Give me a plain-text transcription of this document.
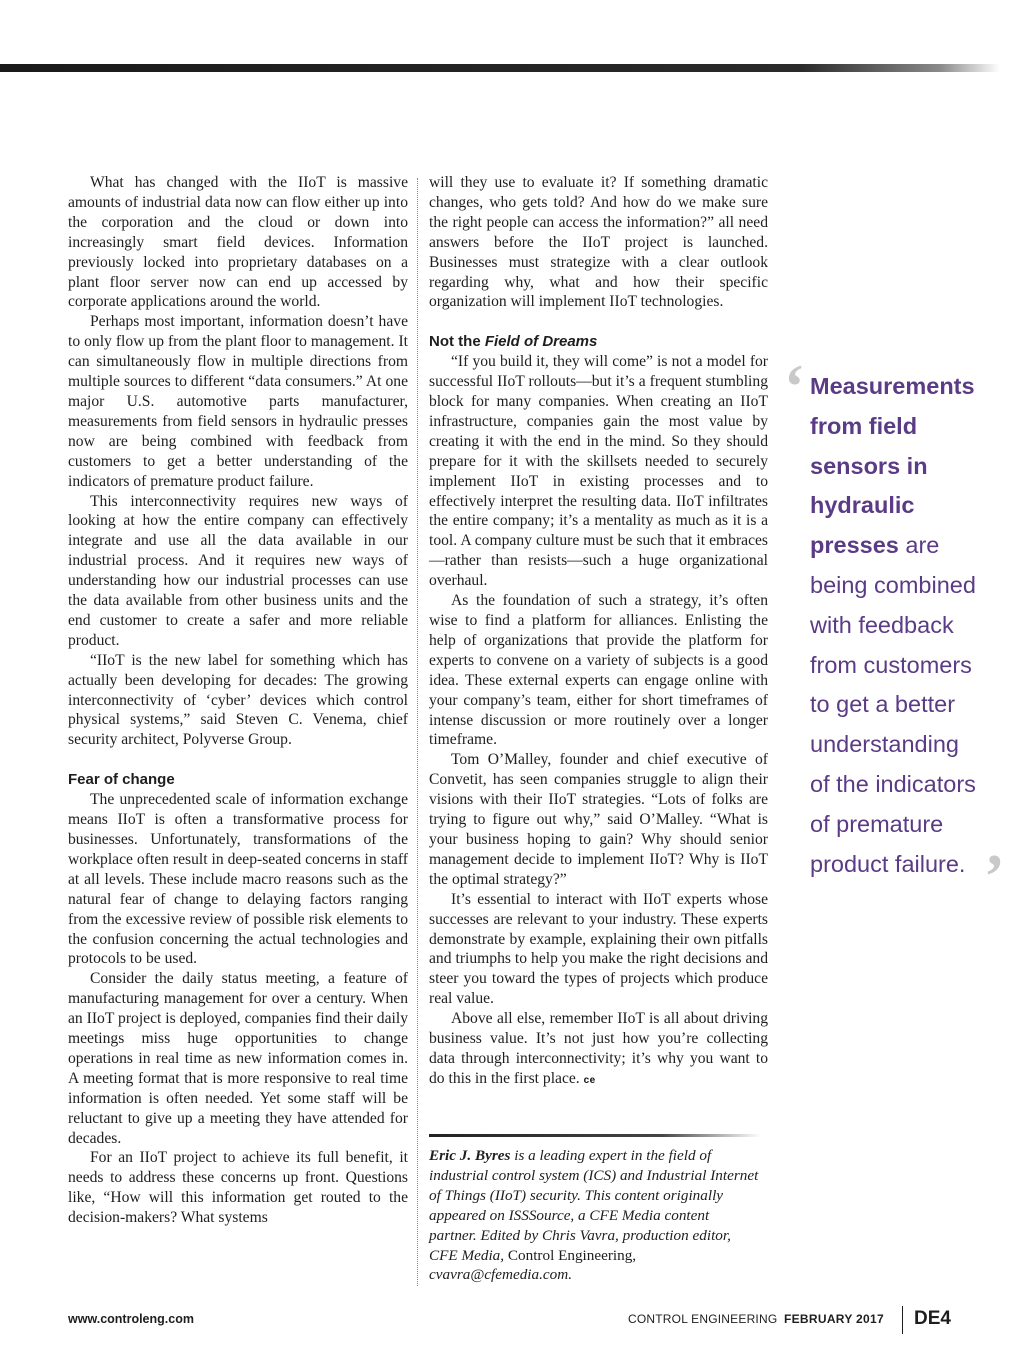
What has changed with the IIoT is massive amounts of industrial data now can flow either up into the corporation and the cloud or down into increasingly smart field devices. Information previously locked into proprietary databases on a plant floor server now can end up accessed by corporate applications around the world.

Perhaps most important, information doesn’t have to only flow up from the plant floor to management. It can simultaneously flow in multiple directions from multiple sources to different “data consumers.” At one major U.S. automotive parts manufacturer, measurements from field sensors in hydraulic presses now are being combined with feedback from customers to get a better understanding of the indicators of premature product failure.

This interconnectivity requires new ways of looking at how the entire company can effectively integrate and use all the data available in our industrial process. And it requires new ways of understanding how our industrial processes can use the data available from other business units and the end customer to create a safer and more reliable product.

“IIoT is the new label for something which has actually been developing for decades: The growing interconnectivity of ‘cyber’ devices which control physical systems,” said Steven C. Venema, chief security architect, Polyverse Group.

Fear of change

The unprecedented scale of information exchange means IIoT is often a transformative process for businesses. Unfortunately, transformations of the workplace often result in deep-seated concerns in staff at all levels. These include macro reasons such as the natural fear of change to delaying factors ranging from the excessive review of possible risk elements to the confusion concerning the actual technologies and protocols to be used.

Consider the daily status meeting, a feature of manufacturing management for over a century. When an IIoT project is deployed, companies find their daily meetings miss huge opportunities to change operations in real time as new information comes in. A meeting format that is more responsive to real time information is often needed. Yet some staff will be reluctant to give up a meeting they have attended for decades.

For an IIoT project to achieve its full benefit, it needs to address these concerns up front. Questions like, “How will this information get routed to the decision-makers? What systems

will they use to evaluate it? If something dramatic changes, who gets told? And how do we make sure the right people can access the information?” all need answers before the IIoT project is launched. Businesses must strategize with a clear outlook regarding why, what and how their specific organization will implement IIoT technologies.

Not the Field of Dreams

“If you build it, they will come” is not a model for successful IIoT rollouts—but it’s a frequent stumbling block for many companies. When creating an IIoT infrastructure, companies gain the most value by creating it with the end in the mind. So they should prepare for it with the skillsets needed to securely implement IIoT in existing processes and to effectively interpret the resulting data. IIoT infiltrates the entire company; it’s a mentality as much as it is a tool. A company culture must be such that it embraces—rather than resists—such a huge organizational overhaul.

As the foundation of such a strategy, it’s often wise to find a platform for alliances. Enlisting the help of organizations that provide the platform for experts to convene on a variety of subjects is a good idea. These external experts can engage online with your company’s team, either for short timeframes of intense discussion or more routinely over a longer timeframe.

Tom O’Malley, founder and chief executive of Convetit, has seen companies struggle to align their visions with their IIoT strategies. “Lots of folks are trying to figure out why,” said O’Malley. “What is your business hoping to gain? Why should senior management decide to implement IIoT? Why is IIoT the optimal strategy?”

It’s essential to interact with IIoT experts whose successes are relevant to your industry. These experts demonstrate by example, explaining their own pitfalls and triumphs to help you make the right decisions and steer you toward the types of projects which produce real value.

Above all else, remember IIoT is all about driving business value. It’s not just how you’re collecting data through interconnectivity; it’s why you want to do this in the first place. ce

Eric J. Byres is a leading expert in the field of industrial control system (ICS) and Industrial Internet of Things (IIoT) security. This content originally appeared on ISSSource, a CFE Media content partner. Edited by Chris Vavra, production editor, CFE Media, Control Engineering, cvavra@cfemedia.com.
‘ Measurements
from field
sensors in
hydraulic
presses are
being combined
with feedback
from customers
to get a better
understanding
of the indicators
of premature
product failure. ’
www.controleng.com	CONTROL ENGINEERING FEBRUARY 2017 DE4
